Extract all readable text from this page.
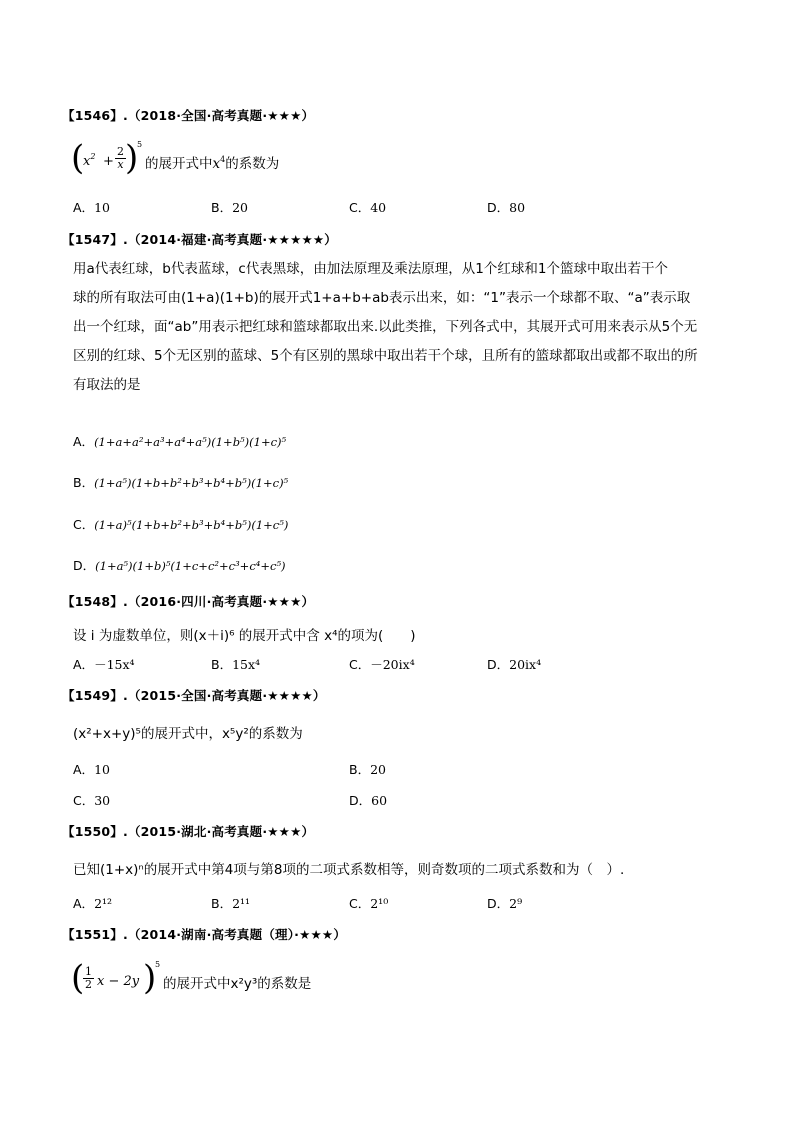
【1546】.（2018·全国·高考真题·★★★）
(
$x^2 + \frac{2}{x}$ )
5
的展开式中$x^4$的系数为
A．10	B．20	C．40	D．80
【1547】.（2014·福建·高考真题·★★★★★）
用a代表红球，b代表蓝球，c代表黑球，由加法原理及乘法原理，从1个红球和1个篮球中取出若干个
球的所有取法可由(1+a)(1+b)的展开式1+a+b+ab表示出来，如：“1”表示一个球都不取、“a”表示取
出一个红球，面“ab”用表示把红球和篮球都取出来.以此类推，下列各式中，其展开式可用来表示从5个无
区别的红球、5个无区别的蓝球、5个有区别的黑球中取出若干个球，且所有的篮球都取出或都不取出的所
有取法的是
A．(1+a+a²+a³+a⁴+a⁵)(1+b⁵)(1+c)⁵
B．(1+a⁵)(1+b+b²+b³+b⁴+b⁵)(1+c)⁵
C．(1+a)⁵(1+b+b²+b³+b⁴+b⁵)(1+c⁵)
D．(1+a⁵)(1+b)⁵(1+c+c²+c³+c⁴+c⁵)
【1548】.（2016·四川·高考真题·★★★）
设 i 为虚数单位，则(x＋i)⁶ 的展开式中含 x⁴的项为(　　)
A．－15x⁴	B．15x⁴	C．－20ix⁴	D．20ix⁴
【1549】.（2015·全国·高考真题·★★★★）
(x²+x+y)⁵的展开式中，x⁵y²的系数为
A．10	B．20
C．30	D．60
【1550】.（2015·湖北·高考真题·★★★）
已知(1+x)ⁿ的展开式中第4项与第8项的二项式系数相等，则奇数项的二项式系数和为（　）.
A．2¹²	B．2¹¹	C．2¹⁰	D．2⁹
【1551】.（2014·湖南·高考真题（理）·★★★）
(
$\frac{1}{2}$ x − 2y )
5
的展开式中x²y³的系数是
